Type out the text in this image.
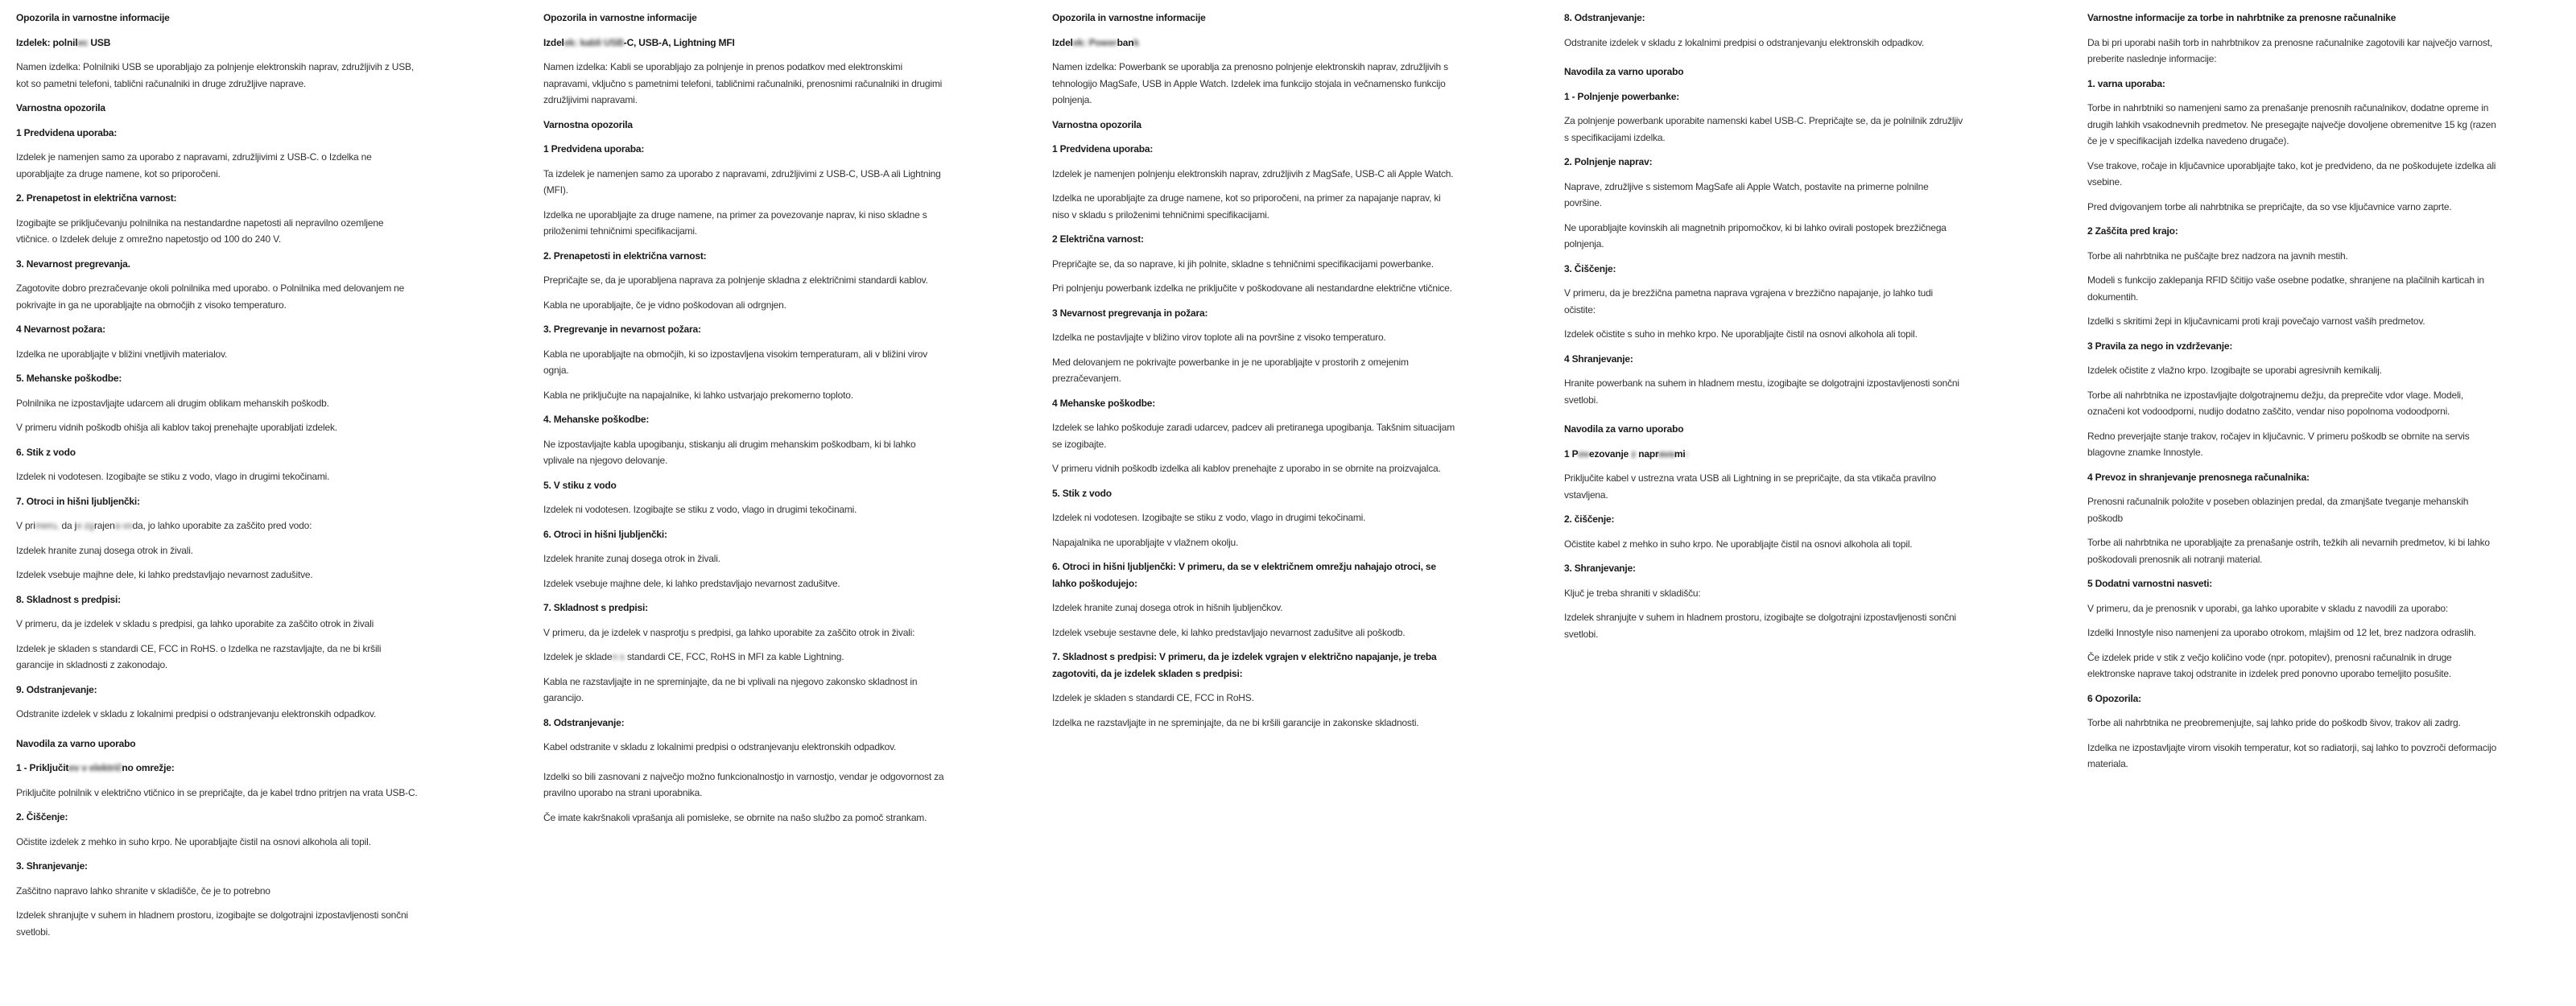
Opozorila in varnostne informacije
Izdelek: polnilec USB
Namen izdelka: Polnilniki USB se uporabljajo za polnjenje elektronskih naprav, združljivih z USB, kot so pametni telefoni, tablični računalniki in druge združljive naprave.
Varnostna opozorila
1 Predvidena uporaba:
Izdelek je namenjen samo za uporabo z napravami, združljivimi z USB-C. o Izdelka ne uporabljajte za druge namene, kot so priporočeni.
2. Prenapetost in električna varnost:
Izogibajte se priključevanju polnilnika na nestandardne napetosti ali nepravilno ozemljene vtičnice. o Izdelek deluje z omrežno napetostjo od 100 do 240 V.
3. Nevarnost pregrevanja.
Zagotovite dobro prezračevanje okoli polnilnika med uporabo. o Polnilnika med delovanjem ne pokrivajte in ga ne uporabljajte na območjih z visoko temperaturo.
4 Nevarnost požara:
Izdelka ne uporabljajte v bližini vnetljivih materialov.
5. Mehanske poškodbe:
Polnilnika ne izpostavljajte udarcem ali drugim oblikam mehanskih poškodb.
V primeru vidnih poškodb ohišja ali kablov takoj prenehajte uporabljati izdelek.
6. Stik z vodo
Izdelek ni vodotesen. Izogibajte se stiku z vodo, vlago in drugimi tekočinami.
7. Otroci in hišni ljubljenčki:
V primeru, da je zgrajena voda, jo lahko uporabite za zaščito pred vodo:
Izdelek hranite zunaj dosega otrok in živali.
Izdelek vsebuje majhne dele, ki lahko predstavljajo nevarnost zadušitve.
8. Skladnost s predpisi:
V primeru, da je izdelek v skladu s predpisi, ga lahko uporabite za zaščito otrok in živali
Izdelek je skladen s standardi CE, FCC in RoHS. o Izdelka ne razstavljajte, da ne bi kršili garancije in skladnosti z zakonodajo.
9. Odstranjevanje:
Odstranite izdelek v skladu z lokalnimi predpisi o odstranjevanju elektronskih odpadkov.
Navodila za varno uporabo
1 - Priključitev v električno omrežje:
Priključite polnilnik v električno vtičnico in se prepričajte, da je kabel trdno pritrjen na vrata USB-C.
2. Čiščenje:
Očistite izdelek z mehko in suho krpo. Ne uporabljajte čistil na osnovi alkohola ali topil.
3. Shranjevanje:
Zaščitno napravo lahko shranite v skladišče, če je to potrebno
Izdelek shranjujte v suhem in hladnem prostoru, izogibajte se dolgotrajni izpostavljenosti sončni svetlobi.
Opozorila in varnostne informacije
Izdelek: kabli USB-C, USB-A, Lightning MFI
Namen izdelka: Kabli se uporabljajo za polnjenje in prenos podatkov med elektronskimi napravami, vključno s pametnimi telefoni, tabličnimi računalniki, prenosnimi računalniki in drugimi združljivimi napravami.
Varnostna opozorila
1 Predvidena uporaba:
Ta izdelek je namenjen samo za uporabo z napravami, združljivimi z USB-C, USB-A ali Lightning (MFI).
Izdelka ne uporabljajte za druge namene, na primer za povezovanje naprav, ki niso skladne s priloženimi tehničnimi specifikacijami.
2. Prenapetosti in električna varnost:
Prepričajte se, da je uporabljena naprava za polnjenje skladna z električnimi standardi kablov.
Kabla ne uporabljajte, če je vidno poškodovan ali odrgnjen.
3. Pregrevanje in nevarnost požara:
Kabla ne uporabljajte na območjih, ki so izpostavljena visokim temperaturam, ali v bližini virov ognja.
Kabla ne priključujte na napajalnike, ki lahko ustvarjajo prekomerno toploto.
4. Mehanske poškodbe:
Ne izpostavljajte kabla upogibanju, stiskanju ali drugim mehanskim poškodbam, ki bi lahko vplivale na njegovo delovanje.
5. V stiku z vodo
Izdelek ni vodotesen. Izogibajte se stiku z vodo, vlago in drugimi tekočinami.
6. Otroci in hišni ljubljenčki:
Izdelek hranite zunaj dosega otrok in živali.
Izdelek vsebuje majhne dele, ki lahko predstavljajo nevarnost zadušitve.
7. Skladnost s predpisi:
V primeru, da je izdelek v nasprotju s predpisi, ga lahko uporabite za zaščito otrok in živali:
Izdelek je skladen s standardi CE, FCC, RoHS in MFI za kable Lightning.
Kabla ne razstavljajte in ne spreminjajte, da ne bi vplivali na njegovo zakonsko skladnost in garancijo.
8. Odstranjevanje:
Kabel odstranite v skladu z lokalnimi predpisi o odstranjevanju elektronskih odpadkov.
Izdelki so bili zasnovani z največjo možno funkcionalnostjo in varnostjo, vendar je odgovornost za pravilno uporabo na strani uporabnika.
Če imate kakršnakoli vprašanja ali pomisleke, se obrnite na našo službo za pomoč strankam.
Opozorila in varnostne informacije
Izdelek: Powerbank
Namen izdelka: Powerbank se uporablja za prenosno polnjenje elektronskih naprav, združljivih s tehnologijo MagSafe, USB in Apple Watch. Izdelek ima funkcijo stojala in večnamensko funkcijo polnjenja.
Varnostna opozorila
1 Predvidena uporaba:
Izdelek je namenjen polnjenju elektronskih naprav, združljivih z MagSafe, USB-C ali Apple Watch.
Izdelka ne uporabljajte za druge namene, kot so priporočeni, na primer za napajanje naprav, ki niso v skladu s priloženimi tehničnimi specifikacijami.
2 Električna varnost:
Prepričajte se, da so naprave, ki jih polnite, skladne s tehničnimi specifikacijami powerbanke.
Pri polnjenju powerbank izdelka ne priključite v poškodovane ali nestandardne električne vtičnice.
3 Nevarnost pregrevanja in požara:
Izdelka ne postavljajte v bližino virov toplote ali na površine z visoko temperaturo.
Med delovanjem ne pokrivajte powerbanke in je ne uporabljajte v prostorih z omejenim prezračevanjem.
4 Mehanske poškodbe:
Izdelek se lahko poškoduje zaradi udarcev, padcev ali pretiranega upogibanja. Takšnim situacijam se izogibajte.
V primeru vidnih poškodb izdelka ali kablov prenehajte z uporabo in se obrnite na proizvajalca.
5. Stik z vodo
Izdelek ni vodotesen. Izogibajte se stiku z vodo, vlago in drugimi tekočinami.
Napajalnika ne uporabljajte v vlažnem okolju.
6. Otroci in hišni ljubljenčki: V primeru, da se v električnem omrežju nahajajo otroci, se lahko poškodujejo:
Izdelek hranite zunaj dosega otrok in hišnih ljubljenčkov.
Izdelek vsebuje sestavne dele, ki lahko predstavljajo nevarnost zadušitve ali poškodb.
7. Skladnost s predpisi: V primeru, da je izdelek vgrajen v električno napajanje, je treba zagotoviti, da je izdelek skladen s predpisi:
Izdelek je skladen s standardi CE, FCC in RoHS.
Izdelka ne razstavljajte in ne spreminjajte, da ne bi kršili garancije in zakonske skladnosti.
8. Odstranjevanje:
Odstranite izdelek v skladu z lokalnimi predpisi o odstranjevanju elektronskih odpadkov.
Navodila za varno uporabo
1 - Polnjenje powerbanke:
Za polnjenje powerbank uporabite namenski kabel USB-C. Prepričajte se, da je polnilnik združljiv s specifikacijami izdelka.
2. Polnjenje naprav:
Naprave, združljive s sistemom MagSafe ali Apple Watch, postavite na primerne polnilne površine.
Ne uporabljajte kovinskih ali magnetnih pripomočkov, ki bi lahko ovirali postopek brezžičnega polnjenja.
3. Čiščenje:
V primeru, da je brezžična pametna naprava vgrajena v brezžično napajanje, jo lahko tudi očistite:
Izdelek očistite s suho in mehko krpo. Ne uporabljajte čistil na osnovi alkohola ali topil.
4 Shranjevanje:
Hranite powerbank na suhem in hladnem mestu, izogibajte se dolgotrajni izpostavljenosti sončni svetlobi.
Navodila za varno uporabo
1 Povezovanje z napravami:
Priključite kabel v ustrezna vrata USB ali Lightning in se prepričajte, da sta vtikača pravilno vstavljena.
2. čiščenje:
Očistite kabel z mehko in suho krpo. Ne uporabljajte čistil na osnovi alkohola ali topil.
3. Shranjevanje:
Ključ je treba shraniti v skladišču:
Izdelek shranjujte v suhem in hladnem prostoru, izogibajte se dolgotrajni izpostavljenosti sončni svetlobi.
Varnostne informacije za torbe in nahrbtnike za prenosne računalnike
Da bi pri uporabi naših torb in nahrbtnikov za prenosne računalnike zagotovili kar največjo varnost, preberite naslednje informacije:
1. varna uporaba:
Torbe in nahrbtniki so namenjeni samo za prenašanje prenosnih računalnikov, dodatne opreme in drugih lahkih vsakodnevnih predmetov. Ne presegajte največje dovoljene obremenitve 15 kg (razen če je v specifikacijah izdelka navedeno drugače).
Vse trakove, ročaje in ključavnice uporabljajte tako, kot je predvideno, da ne poškodujete izdelka ali vsebine.
Pred dvigovanjem torbe ali nahrbtnika se prepričajte, da so vse ključavnice varno zaprte.
2 Zaščita pred krajo:
Torbe ali nahrbtnika ne puščajte brez nadzora na javnih mestih.
Modeli s funkcijo zaklepanja RFID ščitijo vaše osebne podatke, shranjene na plačilnih karticah in dokumentih.
Izdelki s skritimi žepi in ključavnicami proti kraji povečajo varnost vaših predmetov.
3 Pravila za nego in vzdrževanje:
Izdelek očistite z vlažno krpo. Izogibajte se uporabi agresivnih kemikalij.
Torbe ali nahrbtnika ne izpostavljajte dolgotrajnemu dežju, da preprečite vdor vlage. Modeli, označeni kot vodoodporni, nudijo dodatno zaščito, vendar niso popolnoma vodoodporni.
Redno preverjajte stanje trakov, ročajev in ključavnic. V primeru poškodb se obrnite na servis blagovne znamke Innostyle.
4 Prevoz in shranjevanje prenosnega računalnika:
Prenosni računalnik položite v poseben oblazinjen predal, da zmanjšate tveganje mehanskih poškodb
Torbe ali nahrbtnika ne uporabljajte za prenašanje ostrih, težkih ali nevarnih predmetov, ki bi lahko poškodovali prenosnik ali notranji material.
5 Dodatni varnostni nasveti:
V primeru, da je prenosnik v uporabi, ga lahko uporabite v skladu z navodili za uporabo:
Izdelki Innostyle niso namenjeni za uporabo otrokom, mlajšim od 12 let, brez nadzora odraslih.
Če izdelek pride v stik z večjo količino vode (npr. potopitev), prenosni računalnik in druge elektronske naprave takoj odstranite in izdelek pred ponovno uporabo temeljito posušite.
6 Opozorila:
Torbe ali nahrbtnika ne preobremenjujte, saj lahko pride do poškodb šivov, trakov ali zadrg.
Izdelka ne izpostavljajte virom visokih temperatur, kot so radiatorji, saj lahko to povzroči deformacijo materiala.
